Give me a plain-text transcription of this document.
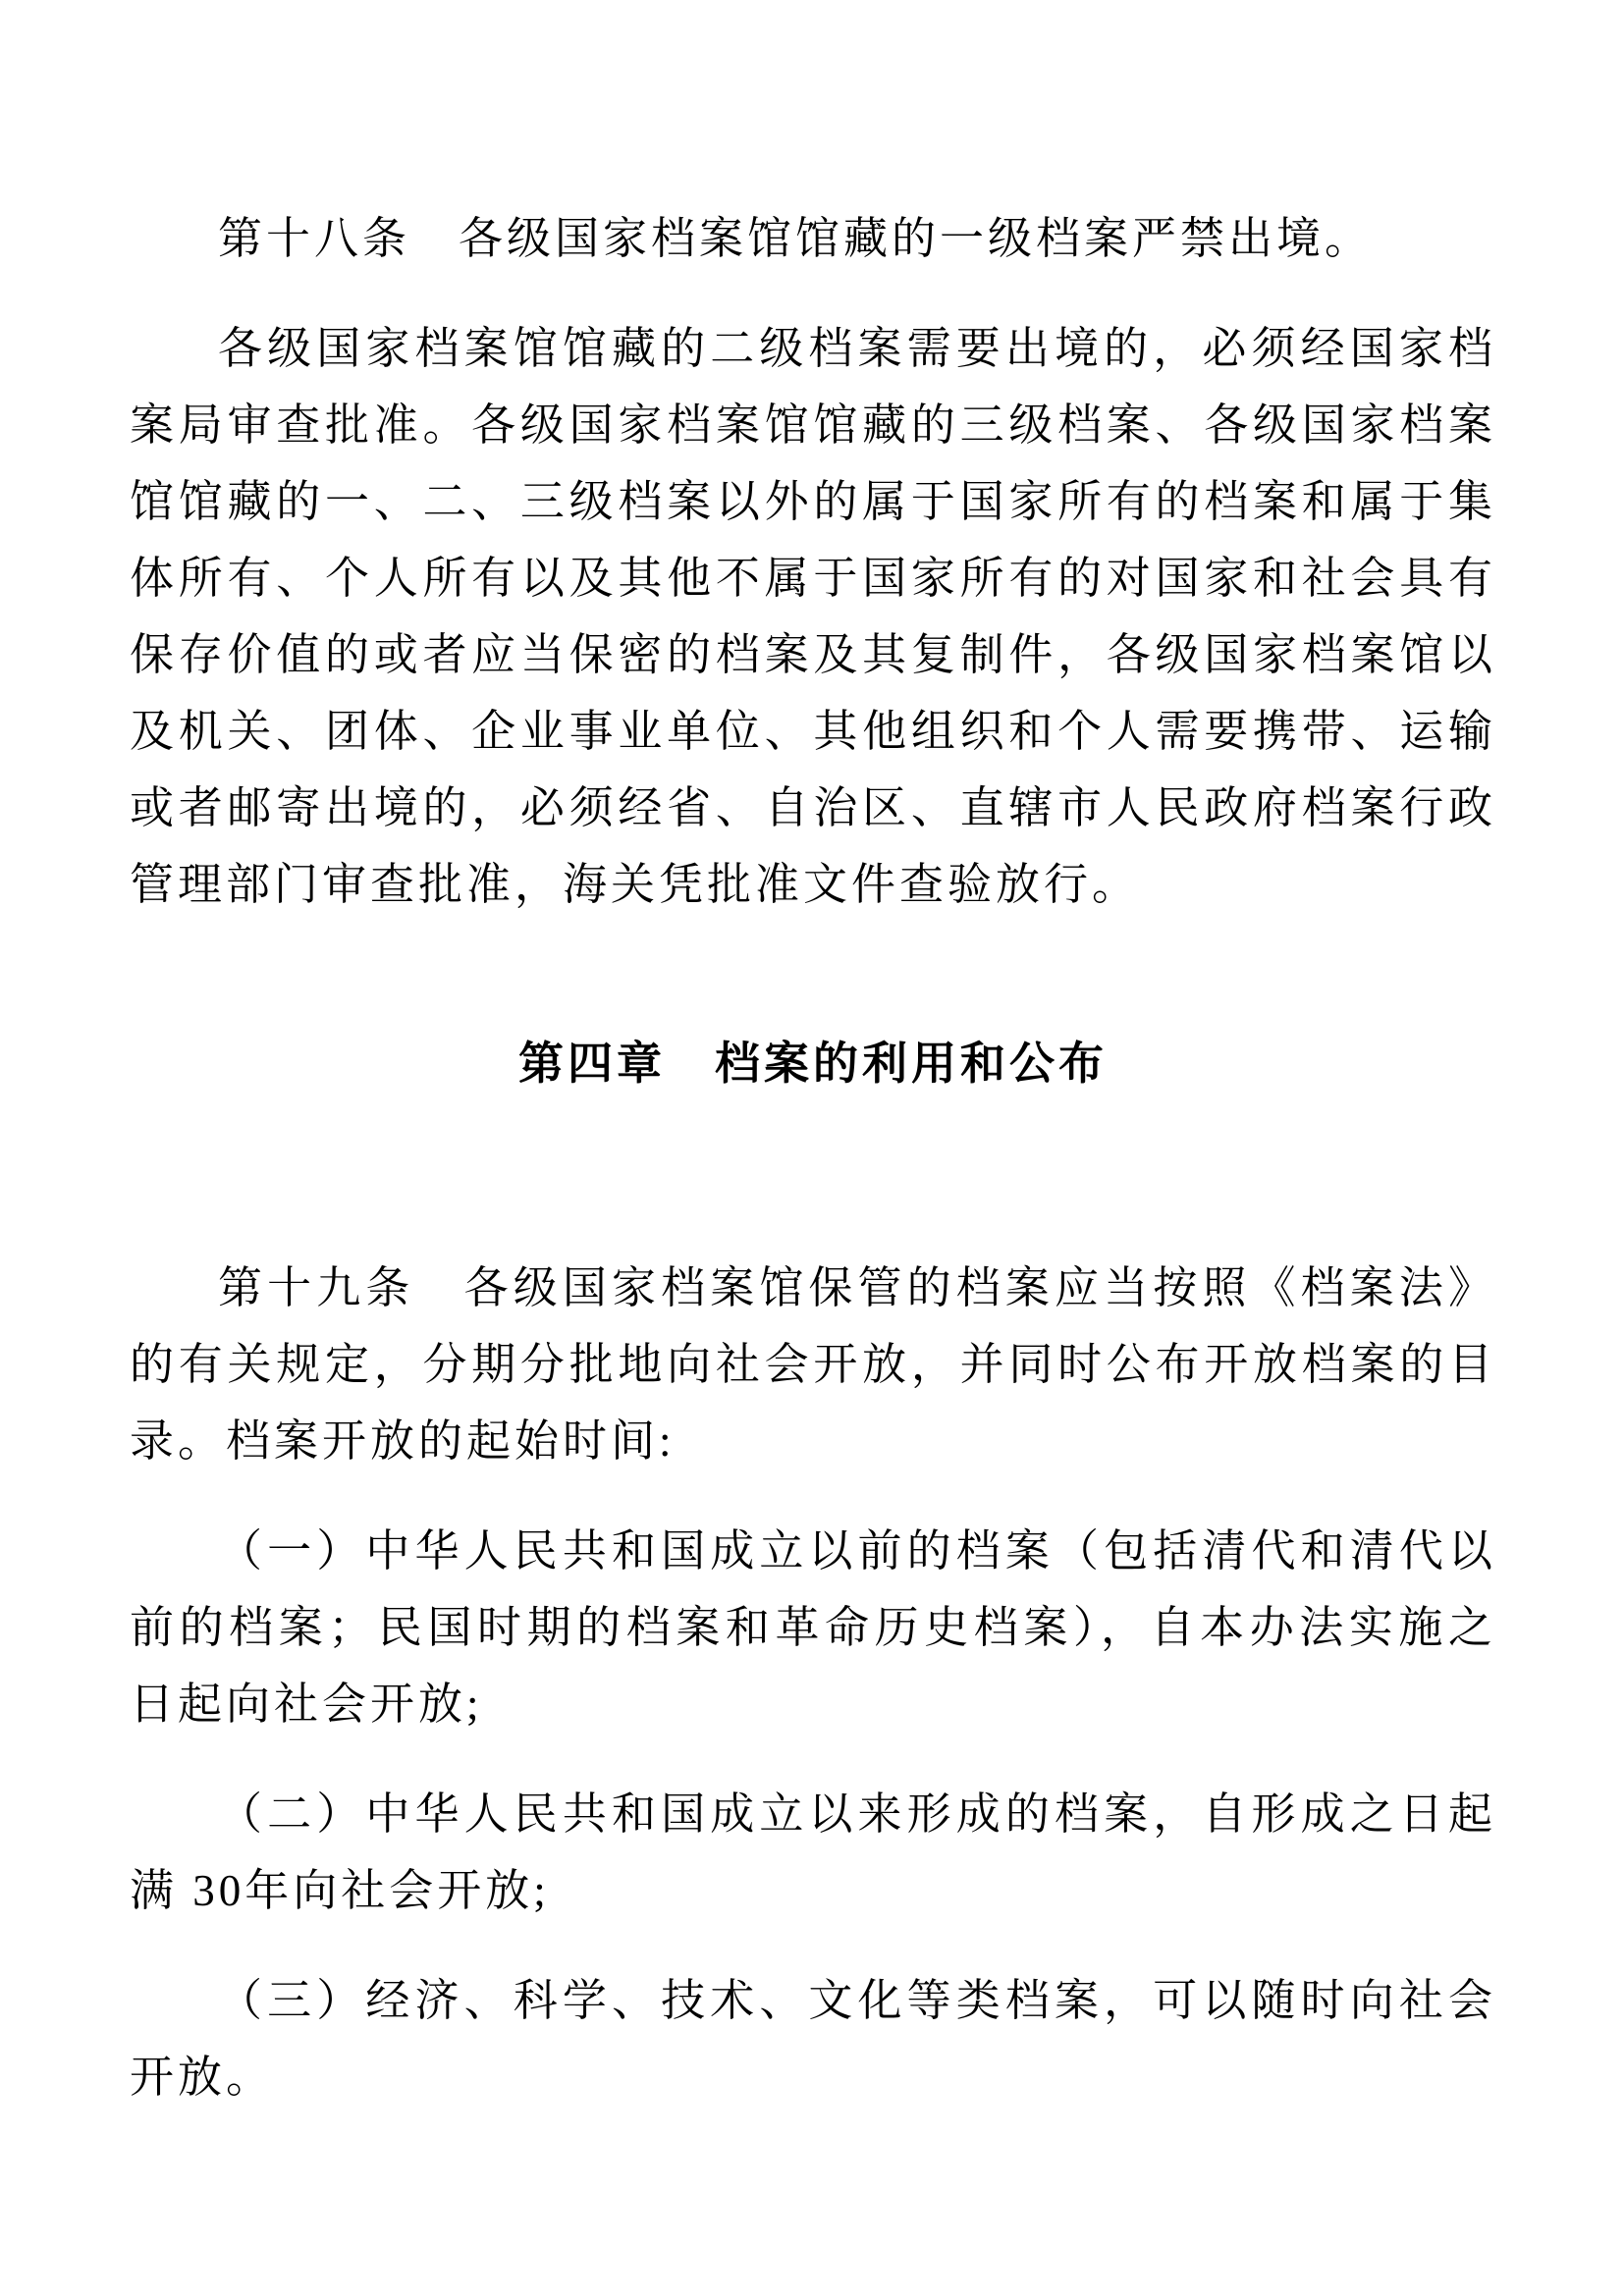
第十八条　各级国家档案馆馆藏的一级档案严禁出境。

各级国家档案馆馆藏的二级档案需要出境的，必须经国家档案局审查批准。各级国家档案馆馆藏的三级档案、各级国家档案馆馆藏的一、二、三级档案以外的属于国家所有的档案和属于集体所有、个人所有以及其他不属于国家所有的对国家和社会具有保存价值的或者应当保密的档案及其复制件，各级国家档案馆以及机关、团体、企业事业单位、其他组织和个人需要携带、运输或者邮寄出境的，必须经省、自治区、直辖市人民政府档案行政管理部门审查批准，海关凭批准文件查验放行。

第四章　档案的利用和公布

第十九条　各级国家档案馆保管的档案应当按照《档案法》的有关规定，分期分批地向社会开放，并同时公布开放档案的目录。档案开放的起始时间:

（一）中华人民共和国成立以前的档案（包括清代和清代以前的档案；民国时期的档案和革命历史档案），自本办法实施之日起向社会开放;

（二）中华人民共和国成立以来形成的档案，自形成之日起满 30年向社会开放;

（三）经济、科学、技术、文化等类档案，可以随时向社会开放。
